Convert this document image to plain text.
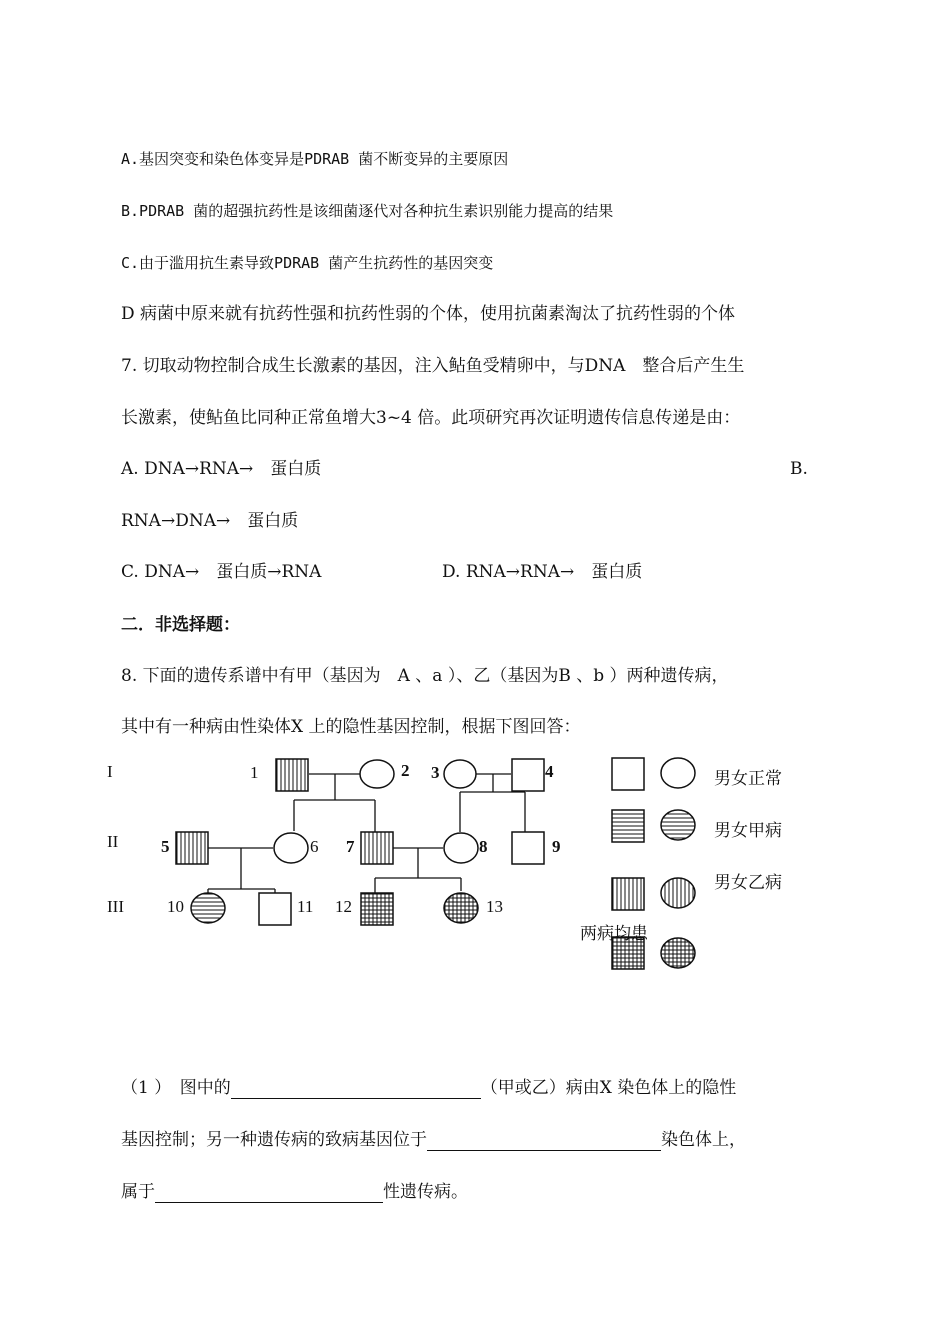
A.基因突变和染色体变异是PDRAB 菌不断变异的主要原因
B.PDRAB 菌的超强抗药性是该细菌逐代对各种抗生素识别能力提高的结果
C.由于滥用抗生素导致PDRAB 菌产生抗药性的基因突变
D 病菌中原来就有抗药性强和抗药性弱的个体，使用抗菌素淘汰了抗药性弱的个体
7. 切取动物控制合成生长激素的基因，注入鲇鱼受精卵中，与DNA　整合后产生生
长激素，使鲇鱼比同种正常鱼增大3~4 倍。此项研究再次证明遗传信息传递是由：
A. DNA→RNA→　蛋白质	B.
RNA→DNA→　蛋白质
C. DNA→　蛋白质→RNA	D. RNA→RNA→　蛋白质
二．非选择题：
8. 下面的遗传系谱中有甲（基因为　A 、a ）、乙（基因为B 、b ）两种遗传病，
其中有一种病由性染体X 上的隐性基因控制，根据下图回答：
I
II
III
1	2 3	4
5	6 7	8	9
10	11 12	13
男女正常
男女甲病
男女乙病
两病均患
（1 ）　图中的	（甲或乙）病由X 染色体上的隐性
基因控制；另一种遗传病的致病基因位于	染色体上，
属于	性遗传病。
